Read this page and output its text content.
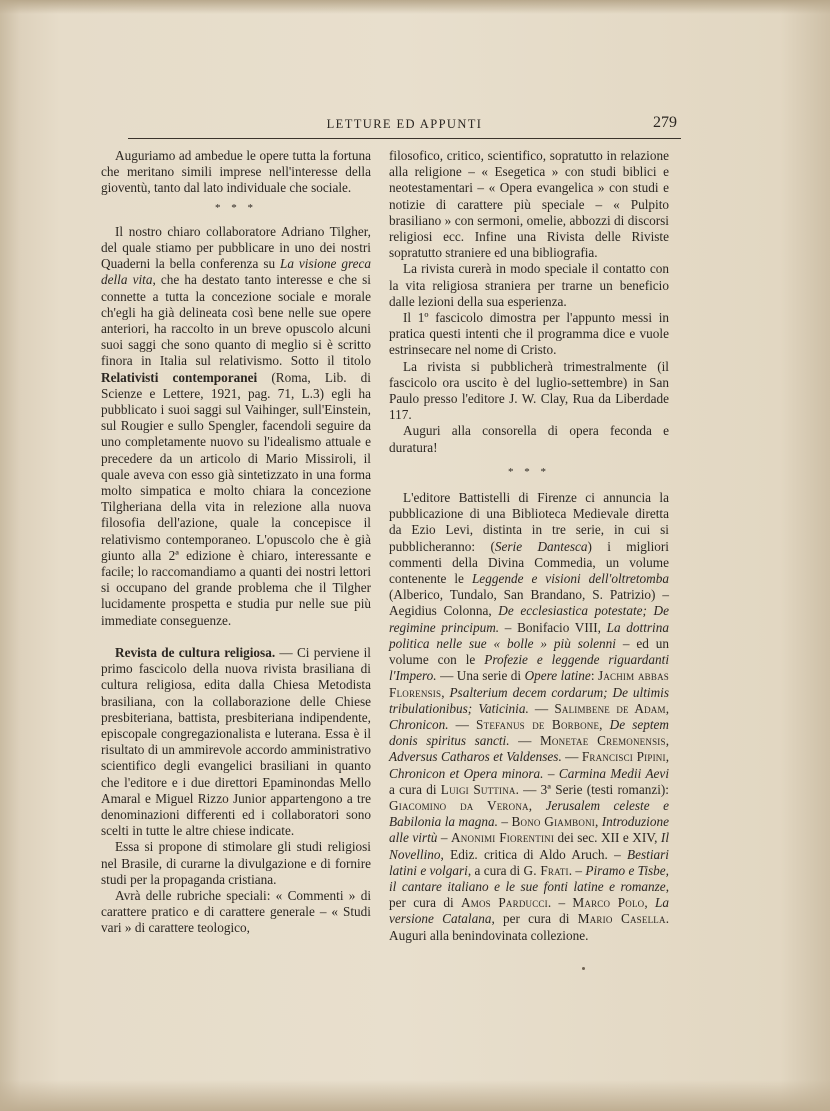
LETTURE ED APPUNTI	279

Auguriamo ad ambedue le opere tutta la fortuna che meritano simili imprese nell'interesse della gioventù, tanto dal lato individuale che sociale.

* * *

Il nostro chiaro collaboratore Adriano Tilgher, del quale stiamo per pubblicare in uno dei nostri Quaderni la bella conferenza su La visione greca della vita, che ha destato tanto interesse e che si connette a tutta la concezione sociale e morale ch'egli ha già delineata così bene nelle sue opere anteriori, ha raccolto in un breve opuscolo alcuni suoi saggi che sono quanto di meglio si è scritto finora in Italia sul relativismo. Sotto il titolo Relativisti contemporanei (Roma, Lib. di Scienze e Lettere, 1921, pag. 71, L.3) egli ha pubblicato i suoi saggi sul Vaihinger, sull'Einstein, sul Rougier e sullo Spengler, facendoli seguire da uno completamente nuovo su l'idealismo attuale e precedere da un articolo di Mario Missiroli, il quale aveva con esso già sintetizzato in una forma molto simpatica e molto chiara la concezione Tilgheriana della vita in relezione alla nuova filosofia dell'azione, quale la concepisce il relativismo contemporaneo. L'opuscolo che è già giunto alla 2ª edizione è chiaro, interessante e facile; lo raccomandiamo a quanti dei nostri lettori si occupano del grande problema che il Tilgher lucidamente prospetta e studia pur nelle sue più immediate conseguenze.

Revista de cultura religiosa. — Ci perviene il primo fascicolo della nuova rivista brasiliana di cultura religiosa, edita dalla Chiesa Metodista brasiliana, con la collaborazione delle Chiese presbiteriana, battista, presbiteriana indipendente, episcopale congregazionalista e luterana. Essa è il risultato di un ammirevole accordo amministrativo scientifico degli evangelici brasiliani in quanto che l'editore e i due direttori Epaminondas Mello Amaral e Miguel Rizzo Junior appartengono a tre denominazioni differenti ed i collaboratori sono scelti in tutte le altre chiese indicate.

Essa si propone di stimolare gli studi religiosi nel Brasile, di curarne la divulgazione e di fornire studi per la propaganda cristiana.

Avrà delle rubriche speciali: « Commenti » di carattere pratico e di carattere generale – « Studi vari » di carattere teologico,

filosofico, critico, scientifico, sopratutto in relazione alla religione – « Esegetica » con studi biblici e neotestamentari – « Opera evangelica » con studi e notizie di carattere più speciale – « Pulpito brasiliano » con sermoni, omelie, abbozzi di discorsi religiosi ecc. Infine una Rivista delle Riviste sopratutto straniere ed una bibliografia.

La rivista curerà in modo speciale il contatto con la vita religiosa straniera per trarne un beneficio dalle lezioni della sua esperienza.

Il 1º fascicolo dimostra per l'appunto messi in pratica questi intenti che il programma dice e vuole estrinsecare nel nome di Cristo.

La rivista si pubblicherà trimestralmente (il fascicolo ora uscito è del luglio-settembre) in San Paulo presso l'editore J. W. Clay, Rua da Liberdade 117.

Auguri alla consorella di opera feconda e duratura!

* * *

L'editore Battistelli di Firenze ci annuncia la pubblicazione di una Biblioteca Medievale diretta da Ezio Levi, distinta in tre serie, in cui si pubblicheranno: (Serie Dantesca) i migliori commenti della Divina Commedia, un volume contenente le Leggende e visioni dell'oltretomba (Alberico, Tundalo, San Brandano, S. Patrizio) – Aegidius Colonna, De ecclesiastica potestate; De regimine principum. – Bonifacio VIII, La dottrina politica nelle sue « bolle » più solenni – ed un volume con le Profezie e leggende riguardanti l'Impero. — Una serie di Opere latine: Jachim abbas Florensis, Psalterium decem cordarum; De ultimis tribulationibus; Vaticinia. — Salimbene de Adam, Chronicon. — Stefanus de Borbone, De septem donis spiritus sancti. — Monetae Cremonensis, Adversus Catharos et Valdenses. — Francisci Pipini, Chronicon et Opera minora. – Carmina Medii Aevi a cura di Luigi Suttina. — 3ª Serie (testi romanzi): Giacomino da Verona, Jerusalem celeste e Babilonia la magna. – Bono Giamboni, Introduzione alle virtù – Anonimi Fiorentini dei sec. XII e XIV, Il Novellino, Ediz. critica di Aldo Aruch. – Bestiari latini e volgari, a cura di G. Frati. – Piramo e Tisbe, il cantare italiano e le sue fonti latine e romanze, per cura di Amos Parducci. – Marco Polo, La versione Catalana, per cura di Mario Casella. Auguri alla benindovinata collezione.
